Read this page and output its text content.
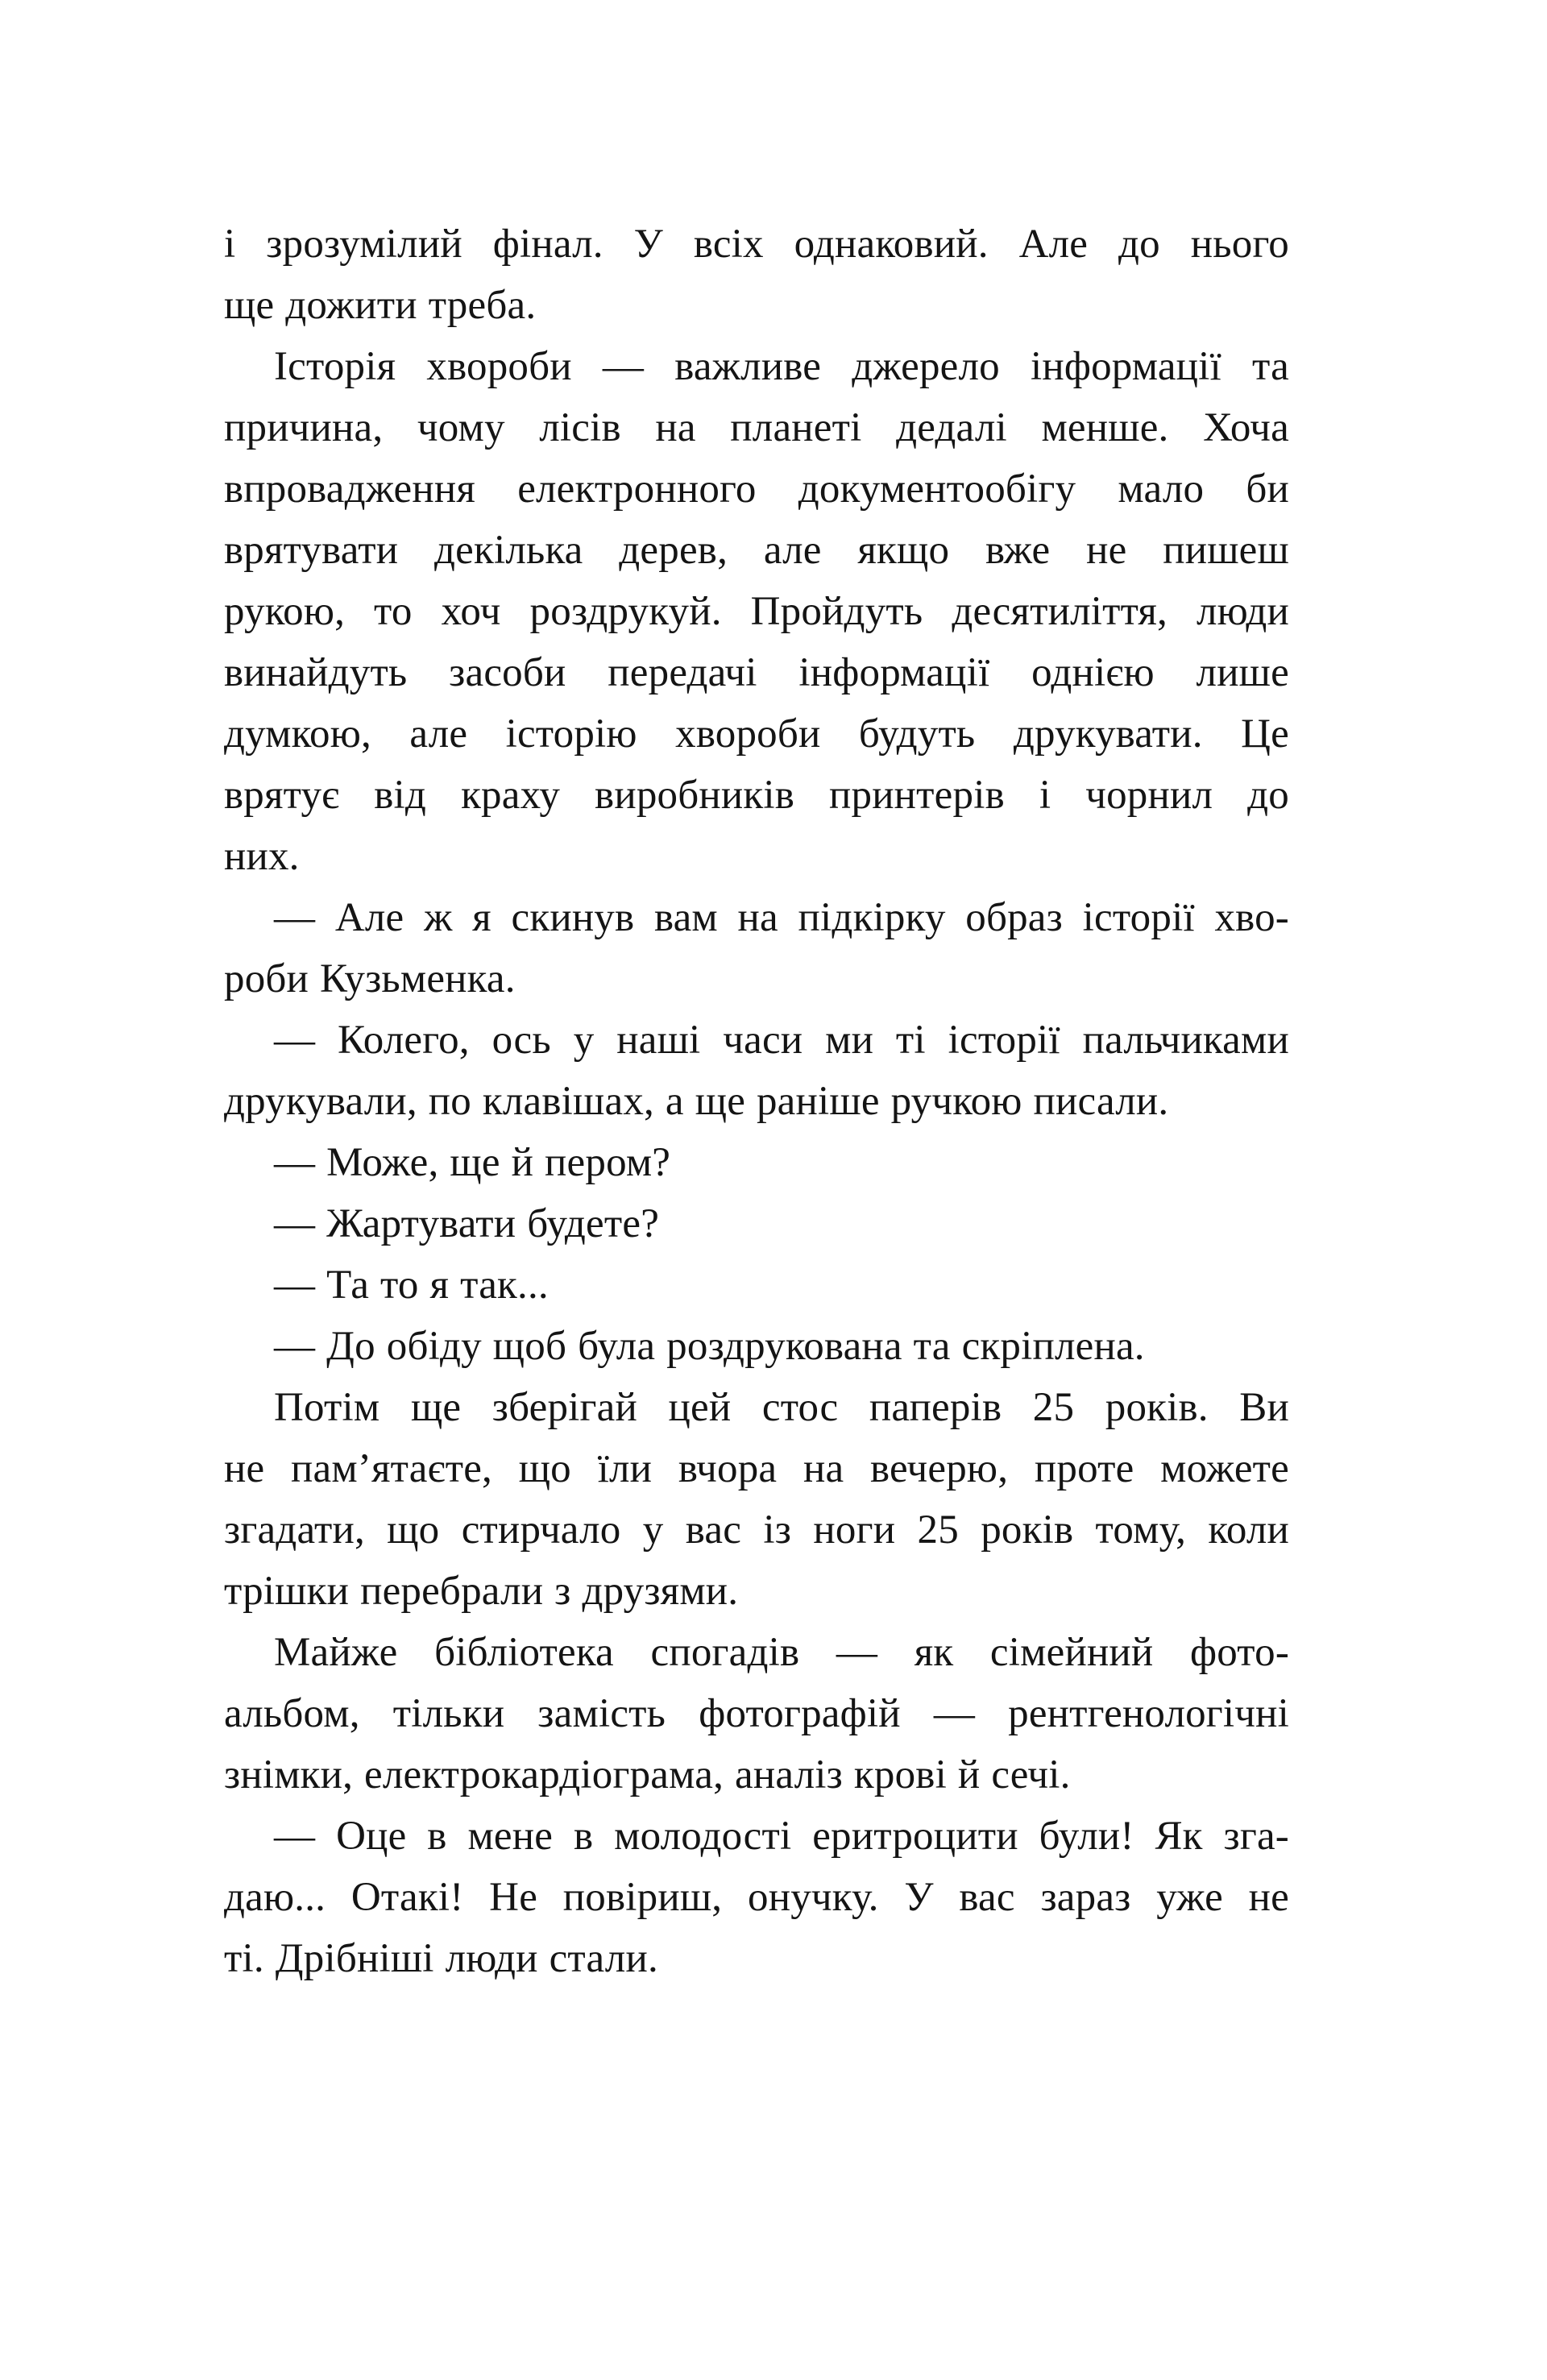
і зрозумілий фінал. У всіх однаковий. Але до нього
ще дожити треба.
Історія хвороби — важливе джерело інформації та
причина, чому лісів на планеті дедалі менше. Хоча
впровадження електронного документообігу мало би
врятувати декілька дерев, але якщо вже не пишеш
рукою, то хоч роздрукуй. Пройдуть десятиліття, люди
винайдуть засоби передачі інформації однією лише
думкою, але історію хвороби будуть друкувати. Це
врятує від краху виробників принтерів і чорнил до
них.
— Але ж я скинув вам на підкірку образ історії хво-
роби Кузьменка.
— Колего, ось у наші часи ми ті історії пальчиками
друкували, по клавішах, а ще раніше ручкою писали.
— Може, ще й пером?
— Жартувати будете?
— Та то я так...
— До обіду щоб була роздрукована та скріплена.
Потім ще зберігай цей стос паперів 25 років. Ви
не пам’ятаєте, що їли вчора на вечерю, проте можете
згадати, що стирчало у вас із ноги 25 років тому, коли
трішки перебрали з друзями.
Майже бібліотека спогадів — як сімейний фото-
альбом, тільки замість фотографій — рентгенологічні
знімки, електрокардіограма, аналіз крові й сечі.
— Оце в мене в молодості еритроцити були! Як зга-
даю... Отакі! Не повіриш, онучку. У вас зараз уже не
ті. Дрібніші люди стали.
